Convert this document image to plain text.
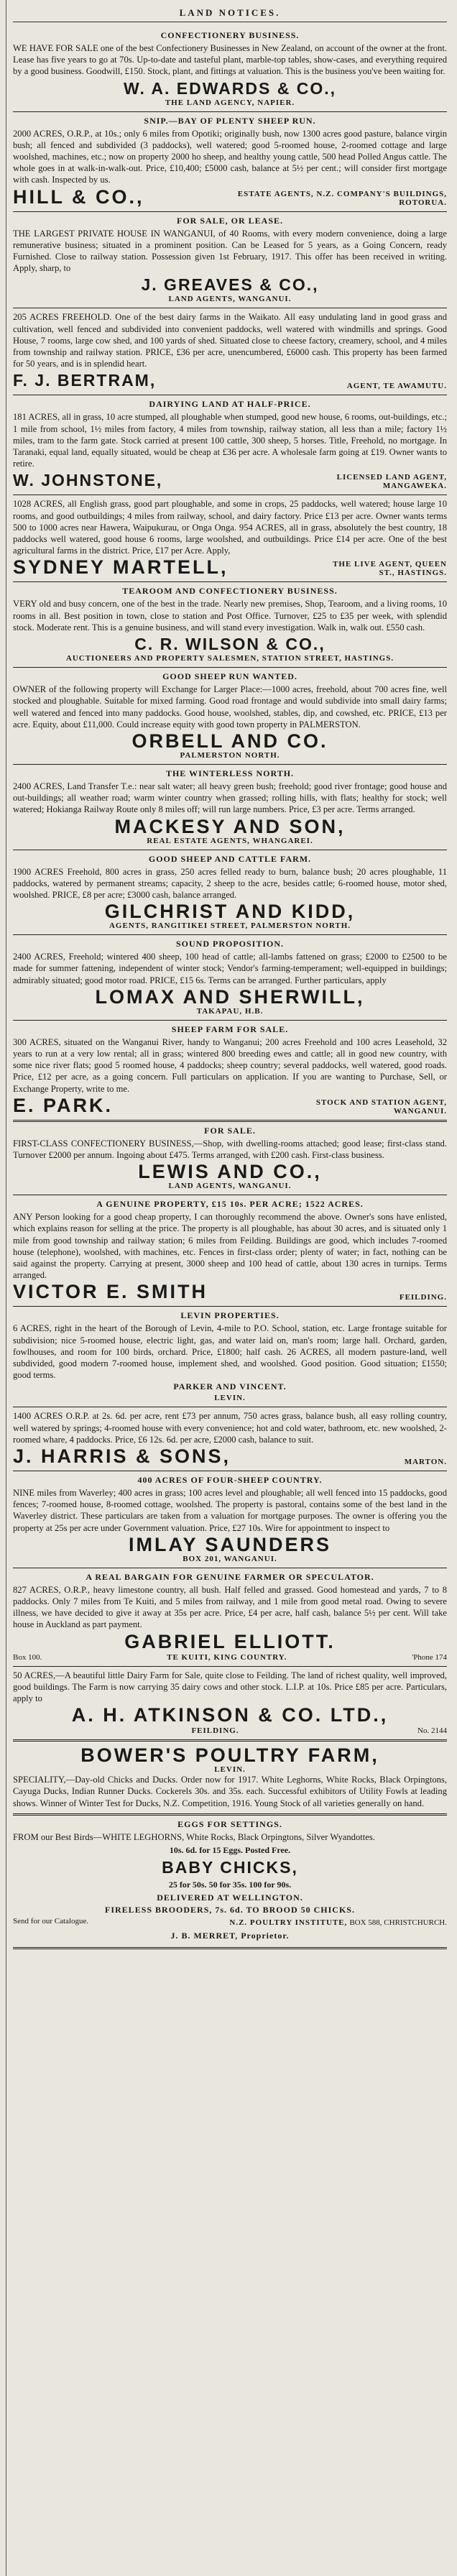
LAND NOTICES.
CONFECTIONERY BUSINESS.

WE HAVE FOR SALE one of the best Confectionery Businesses in New Zealand, on account of the owner at the front. Lease has five years to go at 70s. Up-to-date and tasteful plant, marble-top tables, show-cases, and everything required by a good business. Goodwill, £150. Stock, plant, and fittings at valuation. This is the business you've been waiting for.

W. A. EDWARDS & CO.,
THE LAND AGENCY, NAPIER.
SNIP.—BAY OF PLENTY SHEEP RUN.

2000 ACRES, O.R.P., at 10s.; only 6 miles from Opotiki; originally bush, now 1300 acres good pasture, balance virgin bush; all fenced and subdivided (3 paddocks), well watered; good 5-roomed house, 2-roomed cottage and large woolshed, machines, etc.; now on property 2000 ho sheep, and healthy young cattle, 500 head Polled Angus cattle. The whole goes in at walk-in-walk-out. Price, £10,400; £5000 cash, balance at 5½ per cent.; will consider first mortgage with cash. Inspected by us.

HILL & CO.,	ESTATE AGENTS, N.Z. COMPANY'S BUILDINGS, ROTORUA.
FOR SALE, OR LEASE.

THE LARGEST PRIVATE HOUSE IN WANGANUI, of 40 Rooms, with every modern convenience, doing a large remunerative business; situated in a prominent position. Can be Leased for 5 years, as a Going Concern, ready Furnished. Close to railway station. Possession given 1st February, 1917. This offer has been received in writing. Apply, sharp, to

J. GREAVES & CO.,
LAND AGENTS, WANGANUI.

205 ACRES FREEHOLD. One of the best dairy farms in the Waikato. All easy undulating land in good grass and cultivation, well fenced and subdivided into convenient paddocks, well watered with windmills and springs. Good House, 7 rooms, large cow shed, and 100 yards of shed. Situated close to cheese factory, creamery, school, and 4 miles from township and railway station. PRICE, £36 per acre, unencumbered, £6000 cash. This property has been farmed for 50 years, and is in splendid heart.

F. J. BERTRAM,	AGENT, TE AWAMUTU.
DAIRYING LAND AT HALF-PRICE.

181 ACRES, all in grass, 10 acre stumped, all ploughable when stumped, good new house, 6 rooms, out-buildings, etc.; 1 mile from school, 1½ miles from factory, 4 miles from township, railway station, all less than a mile; factory 1½ miles, tram to the farm gate. Stock carried at present 100 cattle, 300 sheep, 5 horses. Title, Freehold, no mortgage. In Taranaki, equal land, equally situated, would be cheap at £36 per acre. A wholesale farm going at £19. Owner wants to retire.

W. JOHNSTONE,	LICENSED LAND AGENT, MANGAWEKA.

1028 ACRES, all English grass, good part ploughable, and some in crops, 25 paddocks, well watered; house large 10 rooms, and good outbuildings; 4 miles from railway, school, and dairy factory. Price £13 per acre. Owner wants terms 500 to 1000 acres near Hawera, Waipukurau, or Onga Onga. 954 ACRES, all in grass, absolutely the best country, 18 paddocks well watered, good house 6 rooms, large woolshed, and outbuildings. Price £14 per acre. One of the best agricultural farms in the district. Price, £17 per Acre. Apply,

SYDNEY MARTELL,	THE LIVE AGENT, QUEEN ST., HASTINGS.
TEAROOM AND CONFECTIONERY BUSINESS.

VERY old and busy concern, one of the best in the trade. Nearly new premises, Shop, Tearoom, and a living rooms, 10 rooms in all. Best position in town, close to station and Post Office. Turnover, £25 to £35 per week, with splendid stock. Moderate rent. This is a genuine business, and will stand every investigation. Walk in, walk out. £550 cash.

C. R. WILSON & CO.,
AUCTIONEERS AND PROPERTY SALESMEN, STATION STREET, HASTINGS.
GOOD SHEEP RUN WANTED.

OWNER of the following property will Exchange for Larger Place:—1000 acres, freehold, about 700 acres fine, well stocked and ploughable. Suitable for mixed farming. Good road frontage and would subdivide into small dairy farms; well watered and fenced into many paddocks. Good house, woolshed, stables, dip, and cowshed, etc. PRICE, £13 per acre. Equity, about £11,000. Could increase equity with good town property in PALMERSTON.

ORBELL AND CO.
PALMERSTON NORTH.
THE WINTERLESS NORTH.

2400 ACRES, Land Transfer T.e.: near salt water; all heavy green bush; freehold; good river frontage; good house and out-buildings; all weather road; warm winter country when grassed; rolling hills, with flats; healthy for stock; well watered; Hokianga Railway Route only 8 miles off; will run large numbers. Price, £3 per acre. Terms arranged.

MACKESY AND SON,
REAL ESTATE AGENTS, WHANGAREI.
GOOD SHEEP AND CATTLE FARM.

1900 ACRES Freehold, 800 acres in grass, 250 acres felled ready to burn, balance bush; 20 acres ploughable, 11 paddocks, watered by permanent streams; capacity, 2 sheep to the acre, besides cattle; 6-roomed house, motor shed, woolshed. PRICE, £8 per acre; £3000 cash, balance arranged.

GILCHRIST AND KIDD,
AGENTS, RANGITIKEI STREET, PALMERSTON NORTH.
SOUND PROPOSITION.

2400 ACRES, Freehold; wintered 400 sheep, 100 head of cattle; all-lambs fattened on grass; £2000 to £2500 to be made for summer fattening, independent of winter stock; Vendor's farming-temperament; well-equipped in buildings; admirably situated; good motor road. PRICE, £15 6s. Terms can be arranged. Further particulars, apply

LOMAX AND SHERWILL,
TAKAPAU, H.B.
SHEEP FARM FOR SALE.

300 ACRES, situated on the Wanganui River, handy to Wanganui; 200 acres Freehold and 100 acres Leasehold, 32 years to run at a very low rental; all in grass; wintered 800 breeding ewes and cattle; all in good new country, with some nice river flats; good 5 roomed house, 4 paddocks; sheep country; several paddocks, well watered, good roads. Price, £12 per acre, as a going concern. Full particulars on application. If you are wanting to Purchase, Sell, or Exchange Property, write to me.

E. PARK.	STOCK AND STATION AGENT, WANGANUI.
FOR SALE.

FIRST-CLASS CONFECTIONERY BUSINESS,—Shop, with dwelling-rooms attached; good lease; first-class stand. Turnover £2000 per annum. Ingoing about £475. Terms arranged, with £200 cash. First-class business.

LEWIS AND CO.,
LAND AGENTS, WANGANUI.
A GENUINE PROPERTY, £15 10s. PER ACRE; 1522 ACRES.

ANY Person looking for a good cheap property, I can thoroughly recommend the above. Owner's sons have enlisted, which explains reason for selling at the price. The property is all ploughable, has about 30 acres, and is situated only 1 mile from good township and railway station; 6 miles from Feilding. Buildings are good, which includes 7-roomed house (telephone), woolshed, with machines, etc. Fences in first-class order; plenty of water; in fact, nothing can be said against the property. Carrying at present, 3000 sheep and 100 head of cattle, about 130 acres in turnips. Terms arranged.

VICTOR E. SMITH	FEILDING.
LEVIN PROPERTIES.

6 ACRES, right in the heart of the Borough of Levin, 4-mile to P.O. School, station, etc. Large frontage suitable for subdivision; nice 5-roomed house, electric light, gas, and water laid on, man's room; large hall. Orchard, garden, fowlhouses, and room for 100 birds, orchard. Price, £1800; half cash. 26 ACRES, all modern pasture-land, well subdivided, good modern 7-roomed house, implement shed, and woolshed. Good position. Good situation; £1550; good terms.

PARKER AND VINCENT.
LEVIN.

1400 ACRES O.R.P. at 2s. 6d. per acre, rent £73 per annum, 750 acres grass, balance bush, all easy rolling country, well watered by springs; 4-roomed house with every convenience; hot and cold water, bathroom, etc. new woolshed, 2-roomed whare, 4 paddocks. Price, £6 12s. 6d. per acre, £2000 cash, balance to suit.

J. HARRIS & SONS,	MARTON.
400 ACRES OF FOUR-SHEEP COUNTRY.

NINE miles from Waverley; 400 acres in grass; 100 acres level and ploughable; all well fenced into 15 paddocks, good fences; 7-roomed house, 8-roomed cottage, woolshed. The property is pastoral, contains some of the best land in the Waverley district. These particulars are taken from a valuation for mortgage purposes. The owner is offering you the property at 25s per acre under Government valuation. Price, £27 10s. Wire for appointment to inspect to

IMLAY SAUNDERS
BOX 201, WANGANUI.
A REAL BARGAIN FOR GENUINE FARMER OR SPECULATOR.

827 ACRES, O.R.P., heavy limestone country, all bush. Half felled and grassed. Good homestead and yards, 7 to 8 paddocks. Only 7 miles from Te Kuiti, and 5 miles from railway, and 1 mile from good metal road. Owing to severe illness, we have decided to give it away at 35s per acre. Price, £4 per acre, half cash, balance 5½ per cent. Will take house in Auckland as part payment.

GABRIEL ELLIOTT.
Box 100.	TE KUITI, KING COUNTRY.	'Phone 174

50 ACRES,—A beautiful little Dairy Farm for Sale, quite close to Feilding. The land of richest quality, well improved, good buildings. The Farm is now carrying 35 dairy cows and other stock. L.I.P. at 10s. Price £85 per acre. Particulars, apply to

A. H. ATKINSON & CO. LTD.,
FEILDING.	No. 2144
BOWER'S POULTRY FARM,
LEVIN.

SPECIALITY,—Day-old Chicks and Ducks. Order now for 1917. White Leghorns, White Rocks, Black Orpingtons, Cayuga Ducks, Indian Runner Ducks. Cockerels 30s. and 35s. each. Successful exhibitors of Utility Fowls at leading shows. Winner of Winter Test for Ducks, N.Z. Competition, 1916. Young Stock of all varieties generally on hand.

EGGS FOR SETTINGS.

FROM our Best Birds—WHITE LEGHORNS, White Rocks, Black Orpingtons, Silver Wyandottes.

10s. 6d. for 15 Eggs. Posted Free.
BABY CHICKS,
25 for 50s. 50 for 35s. 100 for 90s.
DELIVERED AT WELLINGTON.
FIRELESS BROODERS, 7s. 6d. TO BROOD 50 CHICKS.
Send for our Catalogue.	N.Z. POULTRY INSTITUTE, BOX 588, CHRISTCHURCH.
J. B. MERRET, Proprietor.
